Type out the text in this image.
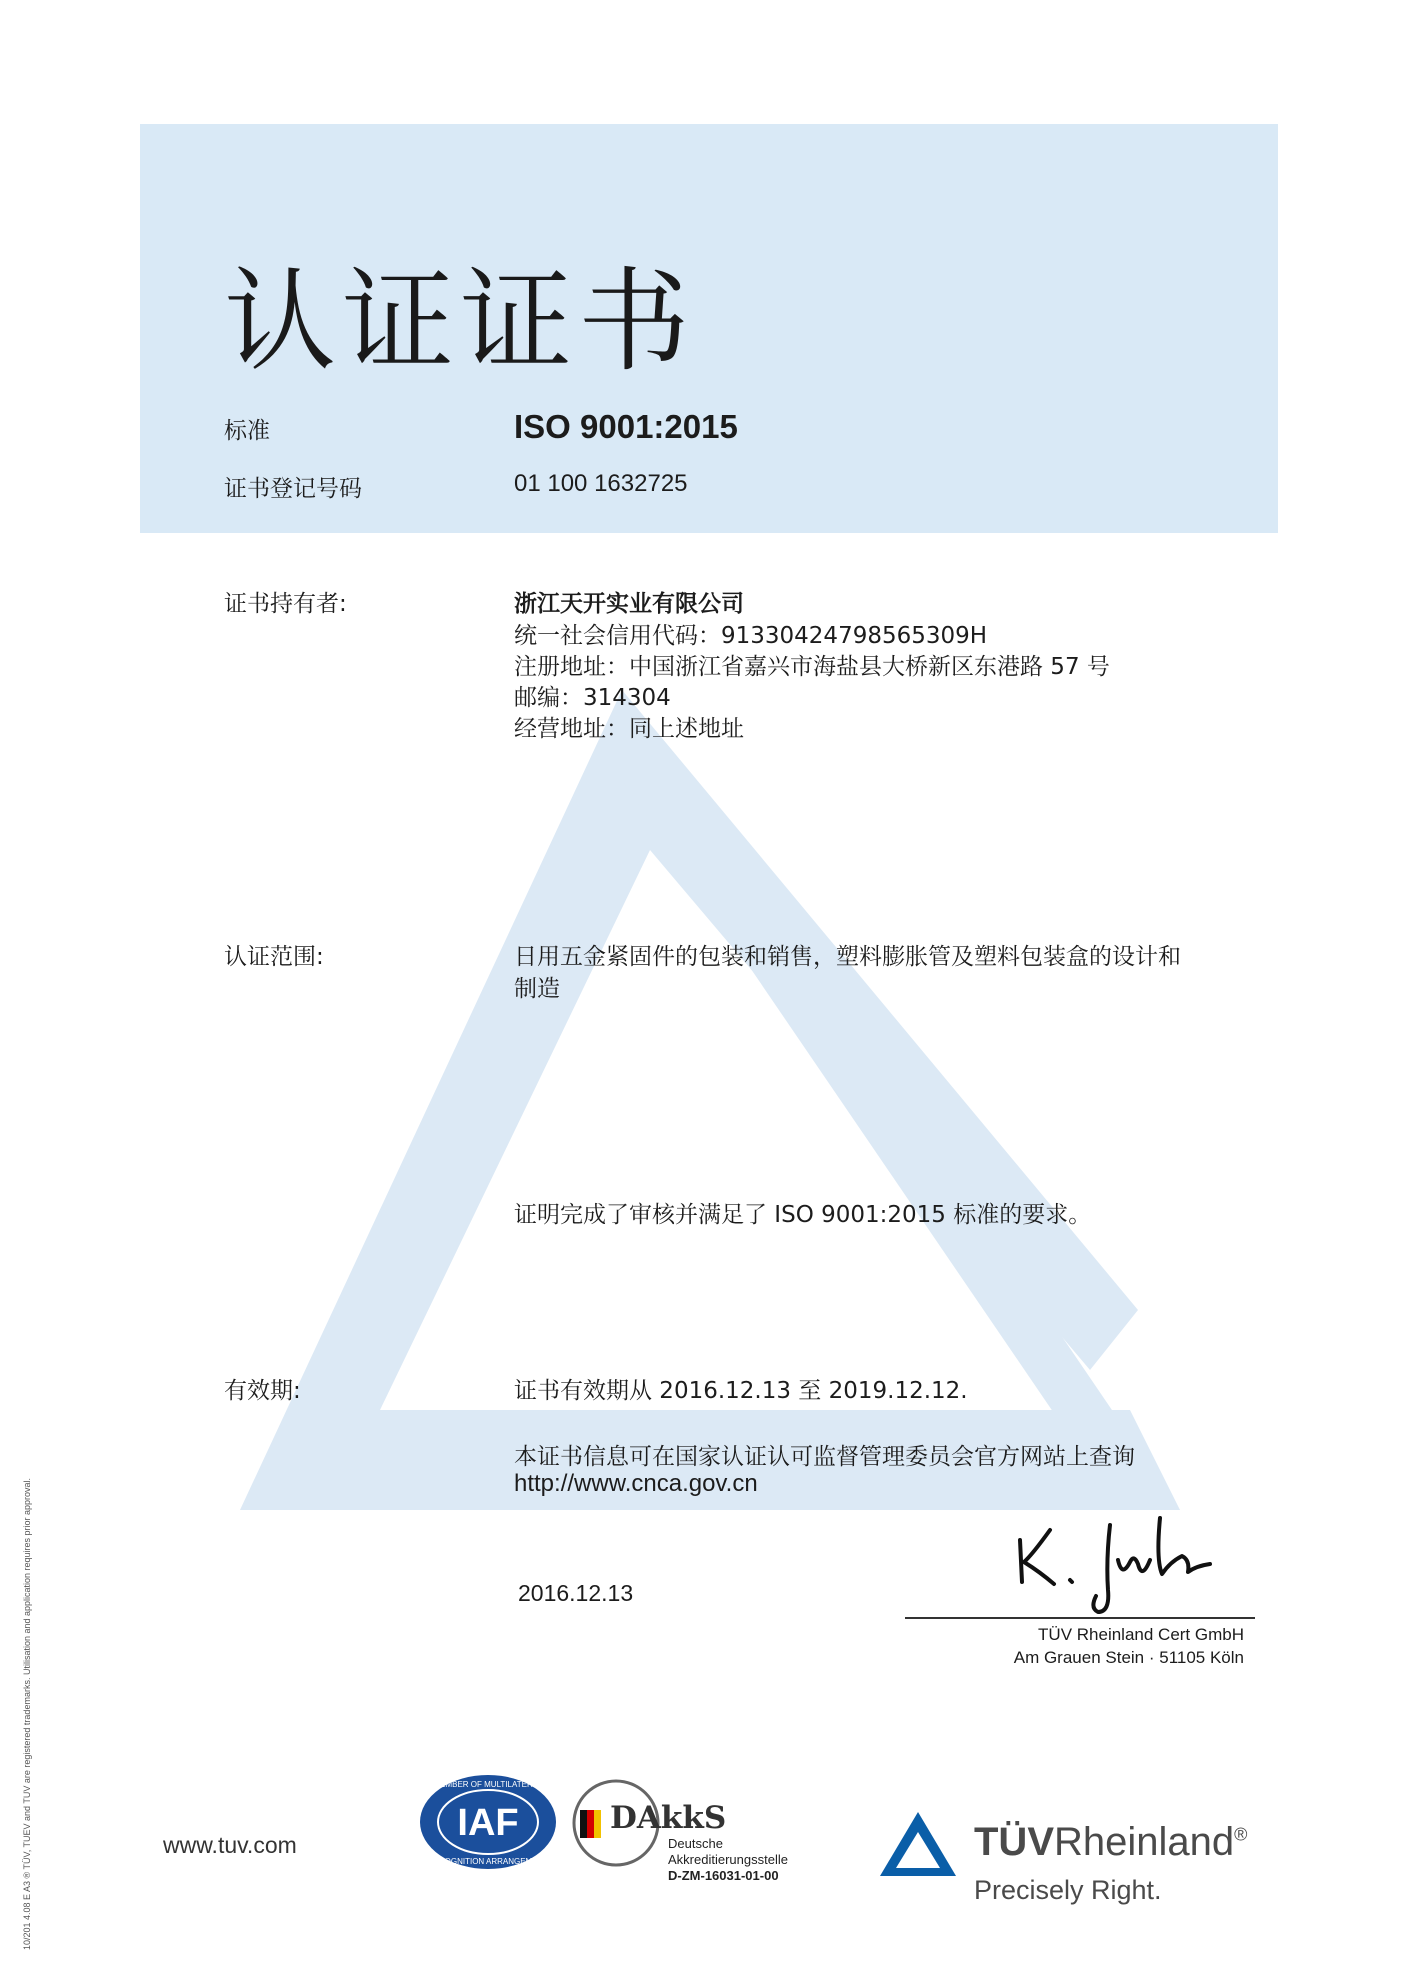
认证证书
标准	ISO 9001:2015
证书登记号码	01 100 1632725
证书持有者:	浙江天开实业有限公司
统一社会信用代码：91330424798565309H
注册地址：中国浙江省嘉兴市海盐县大桥新区东港路 57 号
邮编：314304
经营地址：同上述地址
认证范围:	日用五金紧固件的包装和销售，塑料膨胀管及塑料包装盒的设计和
制造
证明完成了审核并满足了 ISO 9001:2015 标准的要求。
有效期:	证书有效期从 2016.12.13 至 2019.12.12.
本证书信息可在国家认证认可监督管理委员会官方网站上查询
http://www.cnca.gov.cn
2016.12.13
TÜV Rheinland Cert GmbH
Am Grauen Stein · 51105 Köln
www.tuv.com
IAF
MEMBER OF MULTILATERAL
RECOGNITION ARRANGEMENT
DAkkS
Deutsche
Akkreditierungsstelle
D-ZM-16031-01-00
TÜVRheinland®
Precisely Right.
10/201 4.08 E A3 ® TÜV, TUEV and TUV are registered trademarks. Utilisation and application requires prior approval.
